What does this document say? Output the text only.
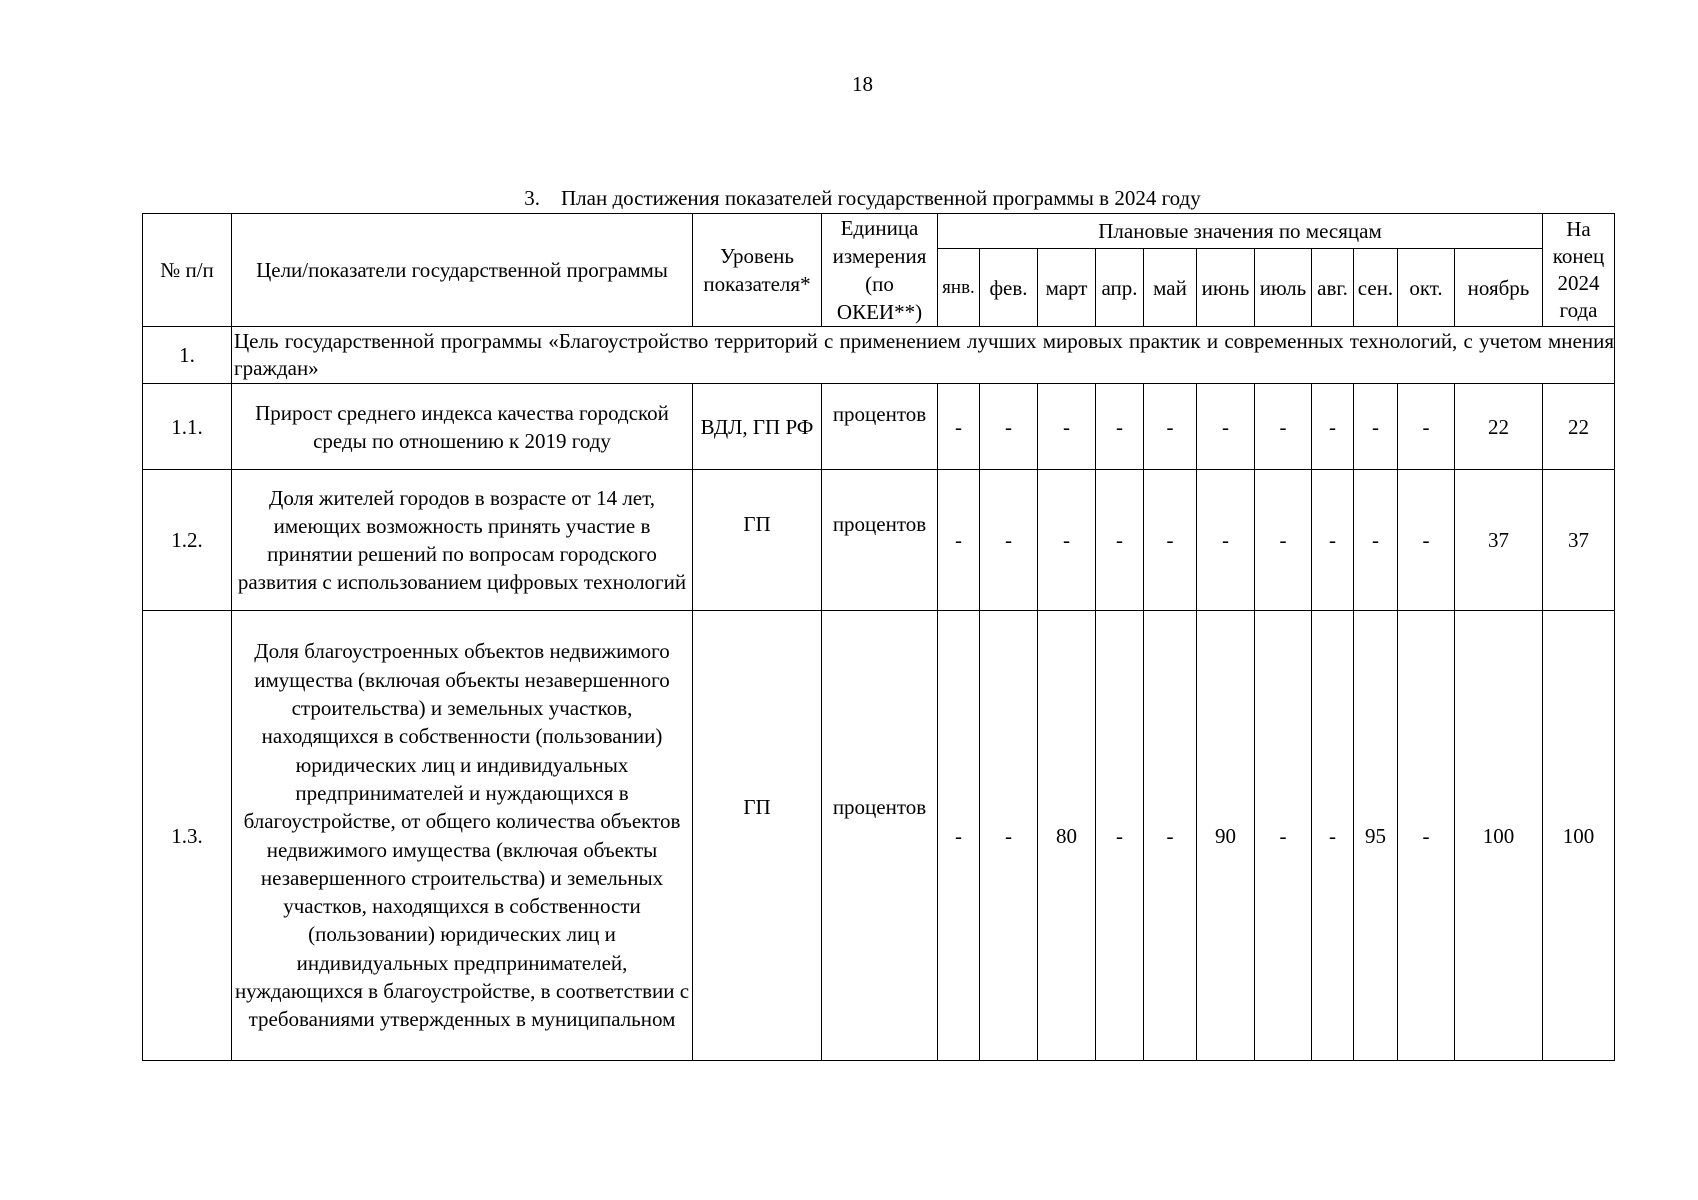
18
3. План достижения показателей государственной программы в 2024 году
№ п/п	Цели/показатели государственной программы	Уровень показателя*	Единица измерения (по ОКЕИ**)	Плановые значения по месяцам											На конец 2024 года
				янв.	фев.	март	апр.	май	июнь	июль	авг.	сен.	окт.	ноябрь	
1.	Цель государственной программы «Благоустройство территорий с применением лучших мировых практик и современных технологий, с учетом мнения граждан»														
1.1.	Прирост среднего индекса качества городской среды по отношению к 2019 году	ВДЛ, ГП РФ	процентов	-	-	-	-	-	-	-	-	-	-	22	22
1.2.	Доля жителей городов в возрасте от 14 лет, имеющих возможность принять участие в принятии решений по вопросам городского развития с использованием цифровых технологий	ГП	процентов	-	-	-	-	-	-	-	-	-	-	37	37
1.3.	Доля благоустроенных объектов недвижимого имущества (включая объекты незавершенного строительства) и земельных участков, находящихся в собственности (пользовании) юридических лиц и индивидуальных предпринимателей и нуждающихся в благоустройстве, от общего количества объектов недвижимого имущества (включая объекты незавершенного строительства) и земельных участков, находящихся в собственности (пользовании) юридических лиц и индивидуальных предпринимателей, нуждающихся в благоустройстве, в соответствии с требованиями утвержденных в муниципальном	ГП	процентов	-	-	80	-	-	90	-	-	95	-	100	100
